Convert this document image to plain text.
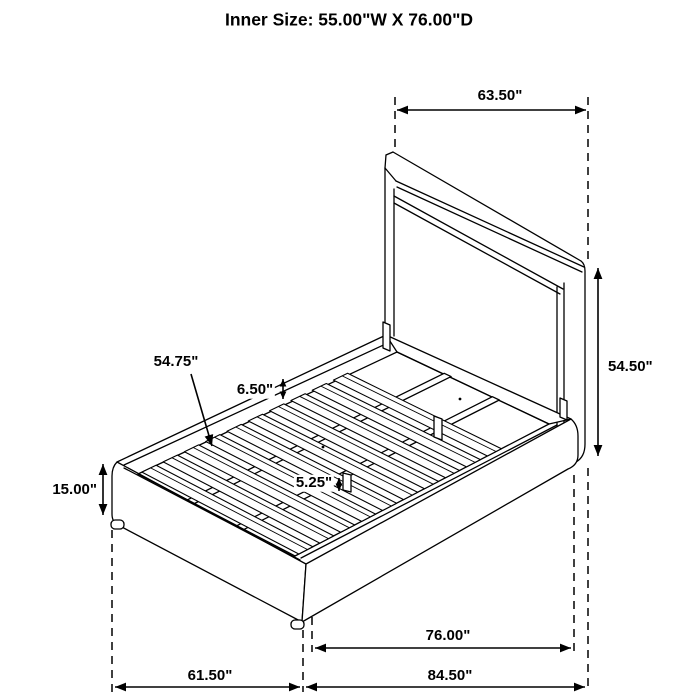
Inner Size: 55.00"W X 76.00"D
63.50"
54.50"
54.75"
6.50"
15.00"	5.25"
76.00"
61.50"	84.50"
